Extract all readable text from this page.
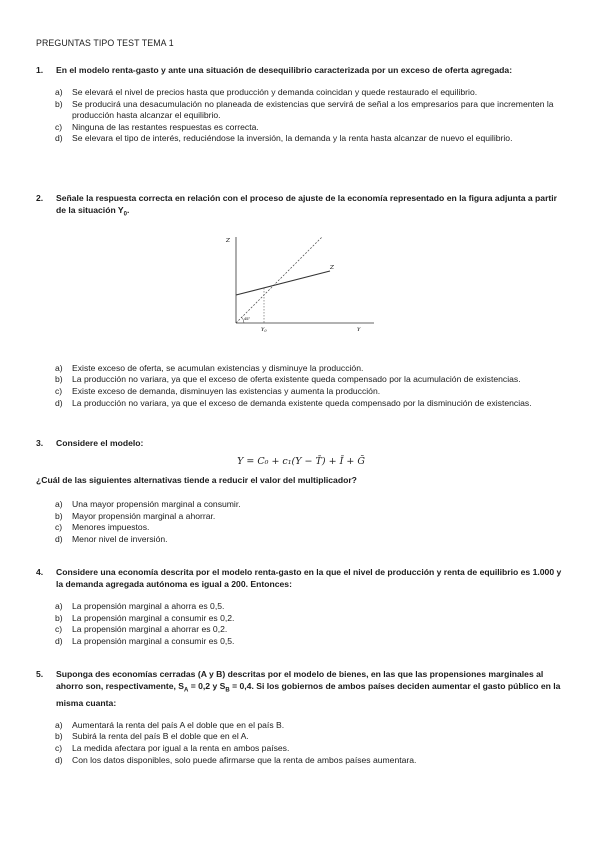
PREGUNTAS TIPO TEST TEMA 1
1.	En el modelo renta-gasto y ante una situación de desequilibrio caracterizada por un exceso de oferta agregada:
a)	Se elevará el nivel de precios hasta que producción y demanda coincidan y quede restaurado el equilibrio.
b)	Se producirá una desacumulación no planeada de existencias que servirá de señal a los empresarios para que incrementen la producción hasta alcanzar el equilibrio.
c)	Ninguna de las restantes respuestas es correcta.
d)	Se elevara el tipo de interés, reduciéndose la inversión, la demanda y la renta hasta alcanzar de nuevo el equilibrio.
2.	Señale la respuesta correcta en relación con el proceso de ajuste de la economía representado en la figura adjunta a partir de la situación $Y_0$.
Z
Z
$Y_0$	Y
45°
a)	Existe exceso de oferta, se acumulan existencias y disminuye la producción.
b)	La producción no variara, ya que el exceso de oferta existente queda compensado por la acumulación de existencias.
c)	Existe exceso de demanda, disminuyen las existencias y aumenta la producción.
d)	La producción no variara, ya que el exceso de demanda existente queda compensado por la disminución de existencias.
3.	Considere el modelo:
Y = C₀ + c₁(Y − T̄) + Ī + Ḡ
¿Cuál de las siguientes alternativas tiende a reducir el valor del multiplicador?
a)	Una mayor propensión marginal a consumir.
b)	Mayor propensión marginal a ahorrar.
c)	Menores impuestos.
d)	Menor nivel de inversión.
4.	Considere una economía descrita por el modelo renta-gasto en la que el nivel de producción y renta de equilibrio es 1.000 y la demanda agregada autónoma es igual a 200. Entonces:
a)	La propensión marginal a ahorra es 0,5.
b)	La propensión marginal a consumir es 0,2.
c)	La propensión marginal a ahorrar es 0,2.
d)	La propensión marginal a consumir es 0,5.
5.	Suponga des economías cerradas (A y B) descritas por el modelo de bienes, en las que las propensiones marginales al ahorro son, respectivamente, $S_A = 0,2$ y $S_B = 0,4$. Si los gobiernos de ambos países deciden aumentar el gasto público en la misma cuanta:
a)	Aumentará la renta del país A el doble que en el país B.
b)	Subirá la renta del país B el doble que en el A.
c)	La medida afectara por igual a la renta en ambos países.
d)	Con los datos disponibles, solo puede afirmarse que la renta de ambos países aumentara.
